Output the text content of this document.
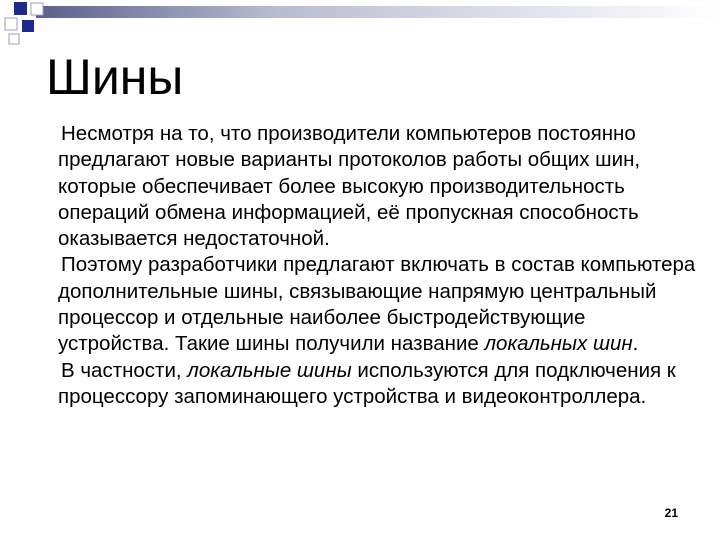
Шины

Несмотря на то, что производители компьютеров постоянно предлагают новые варианты протоколов работы общих шин, которые обеспечивает более высокую производительность операций обмена информацией, её пропускная способность оказывается недостаточной.

Поэтому разработчики предлагают включать в состав компьютера дополнительные шины, связывающие напрямую центральный процессор и отдельные наиболее быстродействующие устройства. Такие шины получили название локальных шин.

В частности, локальные шины используются для подключения к процессору запоминающего устройства и видеоконтроллера.

21
